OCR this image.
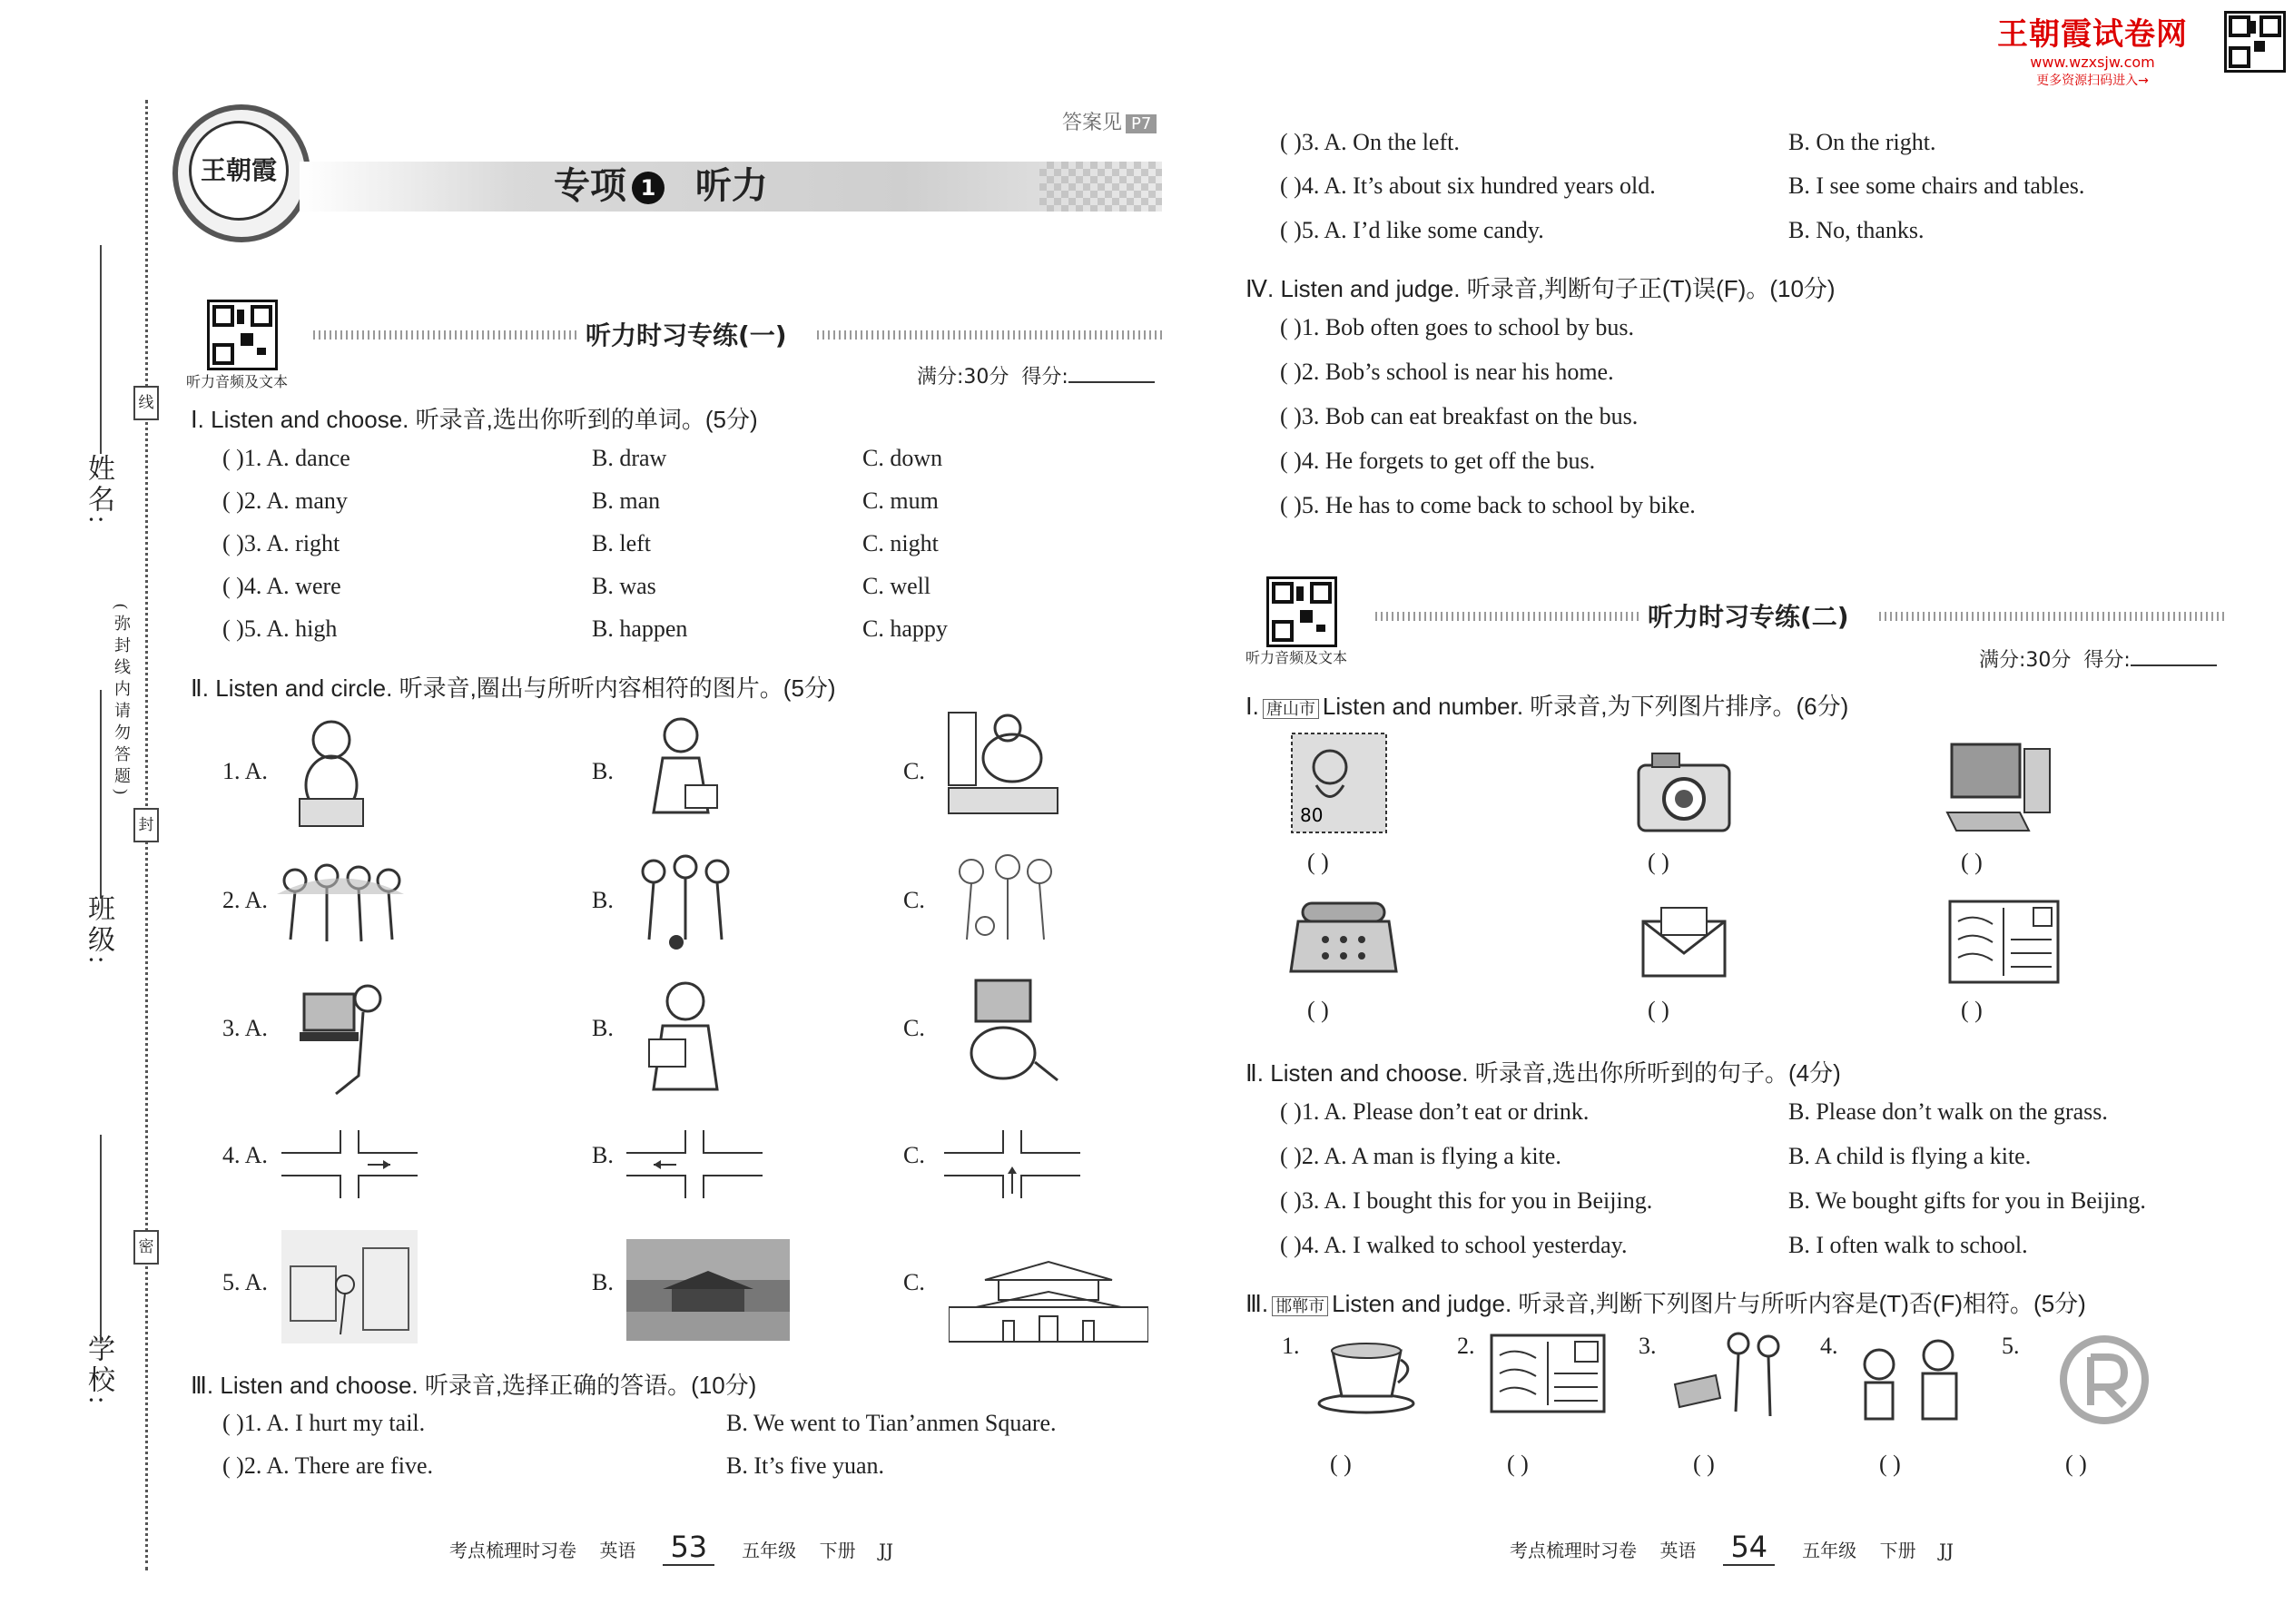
姓名:
班级:
学校:
线
封
密
(弥封线内请勿答题)
王朝霞试卷网
www.wzxsjw.com
更多资源扫码进入→
王朝霞	专项 1 听力
答案见 P7
听力音频及文本
听力时习专练(一)
满分:30分 得分:
Ⅰ. Listen and choose. 听录音,选出你听到的单词。(5分)
( )1. A. dance	B. draw	C. down
( )2. A. many	B. man	C. mum
( )3. A. right	B. left	C. night
( )4. A. were	B. was	C. well
( )5. A. high	B. happen	C. happy
Ⅱ. Listen and circle. 听录音,圈出与所听内容相符的图片。(5分)
1. A.	B.	C.
2. A.	B.	C.
3. A.	B.	C.
4. A.	B.	C.
5. A.	B.	C.
Ⅲ. Listen and choose. 听录音,选择正确的答语。(10分)
( )1. A. I hurt my tail.	B. We went to Tian’anmen Square.
( )2. A. There are five.	B. It’s five yuan.
( )3. A. On the left.	B. On the right.
( )4. A. It’s about six hundred years old.	B. I see some chairs and tables.
( )5. A. I’d like some candy.	B. No, thanks.
Ⅳ. Listen and judge. 听录音,判断句子正(T)误(F)。(10分)
( )1. Bob often goes to school by bus.
( )2. Bob’s school is near his home.
( )3. Bob can eat breakfast on the bus.
( )4. He forgets to get off the bus.
( )5. He has to come back to school by bike.
听力音频及文本
听力时习专练(二)
满分:30分 得分:
Ⅰ. 唐山市 Listen and number. 听录音,为下列图片排序。(6分)
80
( )	( )	( )
( )	( )	( )
Ⅱ. Listen and choose. 听录音,选出你所听到的句子。(4分)
( )1. A. Please don’t eat or drink.	B. Please don’t walk on the grass.
( )2. A. A man is flying a kite.	B. A child is flying a kite.
( )3. A. I bought this for you in Beijing.	B. We bought gifts for you in Beijing.
( )4. A. I walked to school yesterday.	B. I often walk to school.
Ⅲ. 邯郸市 Listen and judge. 听录音,判断下列图片与所听内容是(T)否(F)相符。(5分)
1.
( )
2.
( )
3.
( )
4.
( )
5.
( )
考点梳理时习卷 英语 53 五年级 下册 JJ	考点梳理时习卷 英语 54 五年级 下册 JJ
